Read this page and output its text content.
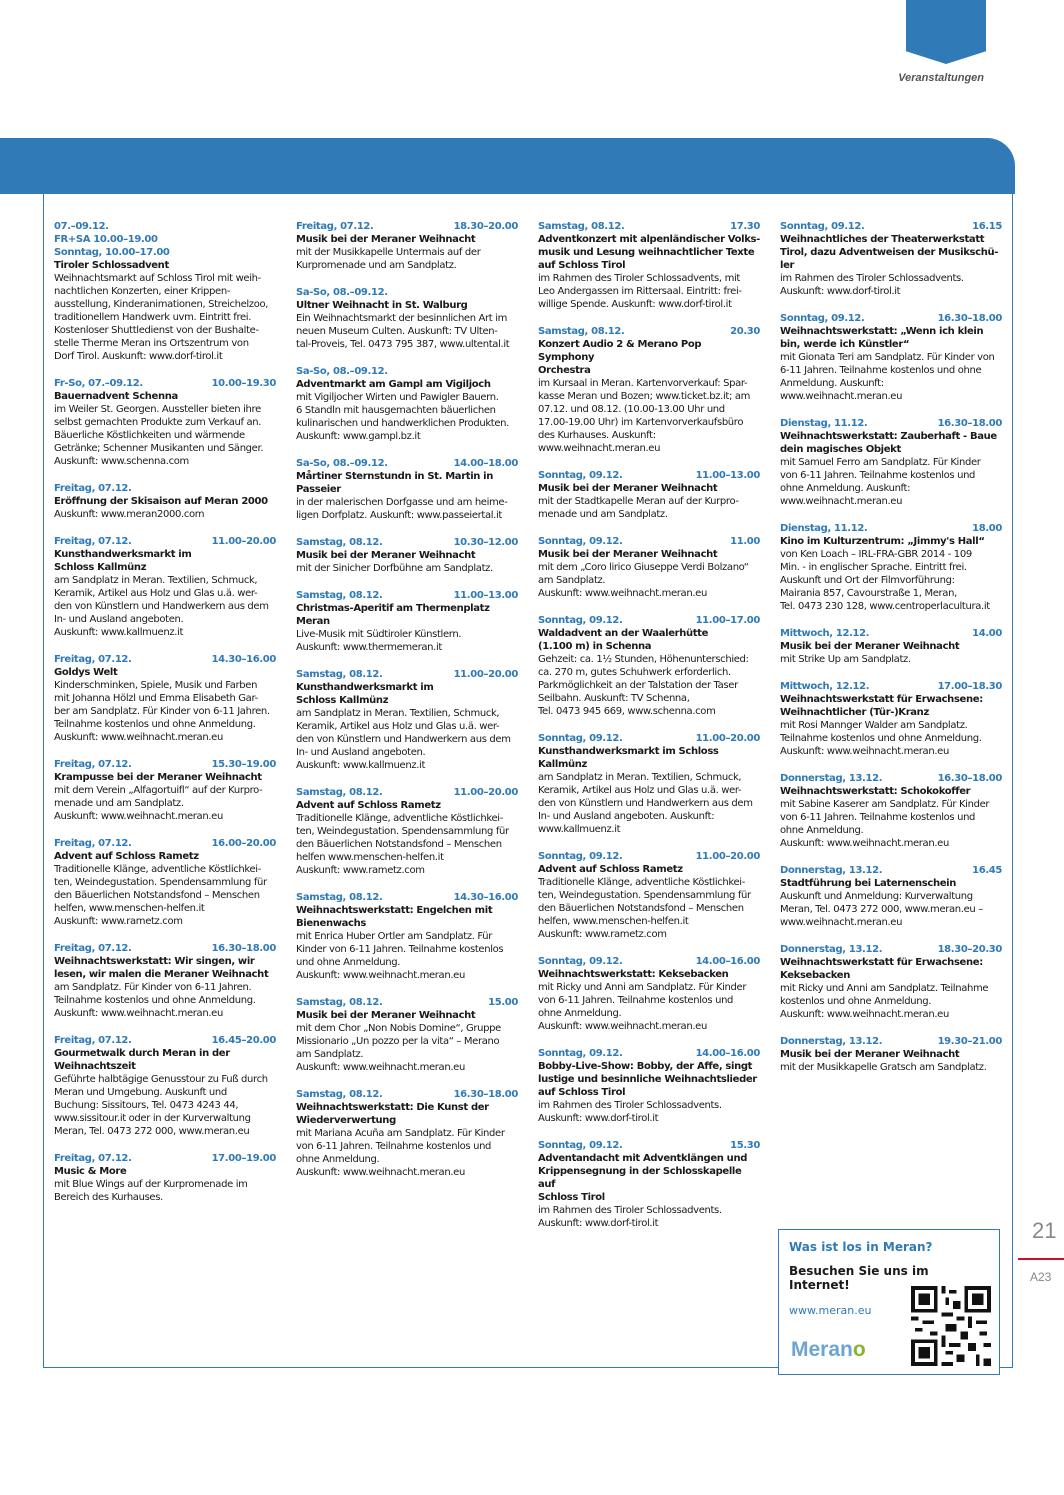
Veranstaltungen
07.–09.12.
FR+SA 10.00–19.00
Sonntag, 10.00–17.00
Tiroler Schlossadvent
Weihnachtsmarkt auf Schloss Tirol mit weih-
nachtlichen Konzerten, einer Krippen-
ausstellung, Kinderanimationen, Streichelzoo,
traditionellem Handwerk uvm. Eintritt frei.
Kostenloser Shuttledienst von der Bushalte-
stelle Therme Meran ins Ortszentrum von
Dorf Tirol. Auskunft: www.dorf-tirol.it
Fr-So, 07.–09.12.	10.00–19.30
Bauernadvent Schenna
im Weiler St. Georgen. Aussteller bieten ihre
selbst gemachten Produkte zum Verkauf an.
Bäuerliche Köstlichkeiten und wärmende
Getränke; Schenner Musikanten und Sänger.
Auskunft: www.schenna.com
Freitag, 07.12.
Eröffnung der Skisaison auf Meran 2000
Auskunft: www.meran2000.com
Freitag, 07.12.	11.00–20.00
Kunsthandwerksmarkt im
Schloss Kallmünz
am Sandplatz in Meran. Textilien, Schmuck,
Keramik, Artikel aus Holz und Glas u.ä. wer-
den von Künstlern und Handwerkern aus dem
In- und Ausland angeboten.
Auskunft: www.kallmuenz.it
Freitag, 07.12.	14.30–16.00
Goldys Welt
Kinderschminken, Spiele, Musik und Farben
mit Johanna Hölzl und Emma Elisabeth Gar-
ber am Sandplatz. Für Kinder von 6-11 Jahren.
Teilnahme kostenlos und ohne Anmeldung.
Auskunft: www.weihnacht.meran.eu
Freitag, 07.12.	15.30–19.00
Krampusse bei der Meraner Weihnacht
mit dem Verein „Alfagortuifl“ auf der Kurpro-
menade und am Sandplatz.
Auskunft: www.weihnacht.meran.eu
Freitag, 07.12.	16.00–20.00
Advent auf Schloss Rametz
Traditionelle Klänge, adventliche Köstlichkei-
ten, Weindegustation. Spendensammlung für
den Bäuerlichen Notstandsfond – Menschen
helfen, www.menschen-helfen.it
Auskunft: www.rametz.com
Freitag, 07.12.	16.30–18.00
Weihnachtswerkstatt: Wir singen, wir
lesen, wir malen die Meraner Weihnacht
am Sandplatz. Für Kinder von 6-11 Jahren.
Teilnahme kostenlos und ohne Anmeldung.
Auskunft: www.weihnacht.meran.eu
Freitag, 07.12.	16.45–20.00
Gourmetwalk durch Meran in der
Weihnachtszeit
Geführte halbtägige Genusstour zu Fuß durch
Meran und Umgebung. Auskunft und
Buchung: Sissitours, Tel. 0473 4243 44,
www.sissitour.it oder in der Kurverwaltung
Meran, Tel. 0473 272 000, www.meran.eu
Freitag, 07.12.	17.00–19.00
Music & More
mit Blue Wings auf der Kurpromenade im
Bereich des Kurhauses.
Freitag, 07.12.	18.30–20.00
Musik bei der Meraner Weihnacht
mit der Musikkapelle Untermais auf der
Kurpromenade und am Sandplatz.
Sa-So, 08.–09.12.
Ultner Weihnacht in St. Walburg
Ein Weihnachtsmarkt der besinnlichen Art im
neuen Museum Culten. Auskunft: TV Ulten-
tal-Proveis, Tel. 0473 795 387, www.ultental.it
Sa-So, 08.–09.12.
Adventmarkt am Gampl am Vigiljoch
mit Vigiljocher Wirten und Pawigler Bauern.
6 Standln mit hausgemachten bäuerlichen
kulinarischen und handwerklichen Produkten.
Auskunft: www.gampl.bz.it
Sa-So, 08.–09.12.	14.00–18.00
Mårtiner Sternstundn in St. Martin in
Passeier
in der malerischen Dorfgasse und am heime-
ligen Dorfplatz. Auskunft: www.passeiertal.it
Samstag, 08.12.	10.30–12.00
Musik bei der Meraner Weihnacht
mit der Sinicher Dorfbühne am Sandplatz.
Samstag, 08.12.	11.00–13.00
Christmas-Aperitif am Thermenplatz
Meran
Live-Musik mit Südtiroler Künstlern.
Auskunft: www.thermemeran.it
Samstag, 08.12.	11.00–20.00
Kunsthandwerksmarkt im
Schloss Kallmünz
am Sandplatz in Meran. Textilien, Schmuck,
Keramik, Artikel aus Holz und Glas u.ä. wer-
den von Künstlern und Handwerkern aus dem
In- und Ausland angeboten.
Auskunft: www.kallmuenz.it
Samstag, 08.12.	11.00–20.00
Advent auf Schloss Rametz
Traditionelle Klänge, adventliche Köstlichkei-
ten, Weindegustation. Spendensammlung für
den Bäuerlichen Notstandsfond – Menschen
helfen www.menschen-helfen.it
Auskunft: www.rametz.com
Samstag, 08.12.	14.30–16.00
Weihnachtswerkstatt: Engelchen mit
Bienenwachs
mit Enrica Huber Ortler am Sandplatz. Für
Kinder von 6-11 Jahren. Teilnahme kostenlos
und ohne Anmeldung.
Auskunft: www.weihnacht.meran.eu
Samstag, 08.12.	15.00
Musik bei der Meraner Weihnacht
mit dem Chor „Non Nobis Domine“, Gruppe
Missionario „Un pozzo per la vita“ – Merano
am Sandplatz.
Auskunft: www.weihnacht.meran.eu
Samstag, 08.12.	16.30–18.00
Weihnachtswerkstatt: Die Kunst der
Wiederverwertung
mit Mariana Acuña am Sandplatz. Für Kinder
von 6-11 Jahren. Teilnahme kostenlos und
ohne Anmeldung.
Auskunft: www.weihnacht.meran.eu
Samstag, 08.12.	17.30
Adventkonzert mit alpenländischer Volks-
musik und Lesung weihnachtlicher Texte
auf Schloss Tirol
im Rahmen des Tiroler Schlossadvents, mit
Leo Andergassen im Rittersaal. Eintritt: frei-
willige Spende. Auskunft: www.dorf-tirol.it
Samstag, 08.12.	20.30
Konzert Audio 2 & Merano Pop Symphony
Orchestra
im Kursaal in Meran. Kartenvorverkauf: Spar-
kasse Meran und Bozen; www.ticket.bz.it; am
07.12. und 08.12. (10.00-13.00 Uhr und
17.00-19.00 Uhr) im Kartenvorverkaufsbüro
des Kurhauses. Auskunft:
www.weihnacht.meran.eu
Sonntag, 09.12.	11.00–13.00
Musik bei der Meraner Weihnacht
mit der Stadtkapelle Meran auf der Kurpro-
menade und am Sandplatz.
Sonntag, 09.12.	11.00
Musik bei der Meraner Weihnacht
mit dem „Coro lirico Giuseppe Verdi Bolzano“
am Sandplatz.
Auskunft: www.weihnacht.meran.eu
Sonntag, 09.12.	11.00–17.00
Waldadvent an der Waalerhütte
(1.100 m) in Schenna
Gehzeit: ca. 1½ Stunden, Höhenunterschied:
ca. 270 m, gutes Schuhwerk erforderlich.
Parkmöglichkeit an der Talstation der Taser
Seilbahn. Auskunft: TV Schenna,
Tel. 0473 945 669, www.schenna.com
Sonntag, 09.12.	11.00–20.00
Kunsthandwerksmarkt im Schloss
Kallmünz
am Sandplatz in Meran. Textilien, Schmuck,
Keramik, Artikel aus Holz und Glas u.ä. wer-
den von Künstlern und Handwerkern aus dem
In- und Ausland angeboten. Auskunft:
www.kallmuenz.it
Sonntag, 09.12.	11.00–20.00
Advent auf Schloss Rametz
Traditionelle Klänge, adventliche Köstlichkei-
ten, Weindegustation. Spendensammlung für
den Bäuerlichen Notstandsfond – Menschen
helfen, www.menschen-helfen.it
Auskunft: www.rametz.com
Sonntag, 09.12.	14.00–16.00
Weihnachtswerkstatt: Keksebacken
mit Ricky und Anni am Sandplatz. Für Kinder
von 6-11 Jahren. Teilnahme kostenlos und
ohne Anmeldung.
Auskunft: www.weihnacht.meran.eu
Sonntag, 09.12.	14.00–16.00
Bobby-Live-Show: Bobby, der Affe, singt
lustige und besinnliche Weihnachtslieder
auf Schloss Tirol
im Rahmen des Tiroler Schlossadvents.
Auskunft: www.dorf-tirol.it
Sonntag, 09.12.	15.30
Adventandacht mit Adventklängen und
Krippensegnung in der Schlosskapelle auf
Schloss Tirol
im Rahmen des Tiroler Schlossadvents.
Auskunft: www.dorf-tirol.it
Sonntag, 09.12.	16.15
Weihnachtliches der Theaterwerkstatt
Tirol, dazu Adventweisen der Musikschü-
ler
im Rahmen des Tiroler Schlossadvents.
Auskunft: www.dorf-tirol.it
Sonntag, 09.12.	16.30–18.00
Weihnachtswerkstatt: „Wenn ich klein
bin, werde ich Künstler“
mit Gionata Teri am Sandplatz. Für Kinder von
6-11 Jahren. Teilnahme kostenlos und ohne
Anmeldung. Auskunft:
www.weihnacht.meran.eu
Dienstag, 11.12.	16.30–18.00
Weihnachtswerkstatt: Zauberhaft - Baue
dein magisches Objekt
mit Samuel Ferro am Sandplatz. Für Kinder
von 6-11 Jahren. Teilnahme kostenlos und
ohne Anmeldung. Auskunft:
www.weihnacht.meran.eu
Dienstag, 11.12.	18.00
Kino im Kulturzentrum: „Jimmy's Hall“
von Ken Loach – IRL-FRA-GBR 2014 - 109
Min. - in englischer Sprache. Eintritt frei.
Auskunft und Ort der Filmvorführung:
Mairania 857, Cavourstraße 1, Meran,
Tel. 0473 230 128, www.centroperlacultura.it
Mittwoch, 12.12.	14.00
Musik bei der Meraner Weihnacht
mit Strike Up am Sandplatz.
Mittwoch, 12.12.	17.00–18.30
Weihnachtswerkstatt für Erwachsene:
Weihnachtlicher (Tür-)Kranz
mit Rosi Mannger Walder am Sandplatz.
Teilnahme kostenlos und ohne Anmeldung.
Auskunft: www.weihnacht.meran.eu
Donnerstag, 13.12.	16.30–18.00
Weihnachtswerkstatt: Schokokoffer
mit Sabine Kaserer am Sandplatz. Für Kinder
von 6-11 Jahren. Teilnahme kostenlos und
ohne Anmeldung.
Auskunft: www.weihnacht.meran.eu
Donnerstag, 13.12.	16.45
Stadtführung bei Laternenschein
Auskunft und Anmeldung: Kurverwaltung
Meran, Tel. 0473 272 000, www.meran.eu –
www.weihnacht.meran.eu
Donnerstag, 13.12.	18.30–20.30
Weihnachtswerkstatt für Erwachsene:
Keksebacken
mit Ricky und Anni am Sandplatz. Teilnahme
kostenlos und ohne Anmeldung.
Auskunft: www.weihnacht.meran.eu
Donnerstag, 13.12.	19.30–21.00
Musik bei der Meraner Weihnacht
mit der Musikkapelle Gratsch am Sandplatz.
Was ist los in Meran?
Besuchen Sie uns im Internet!
www.meran.eu
Merano
21
A23
